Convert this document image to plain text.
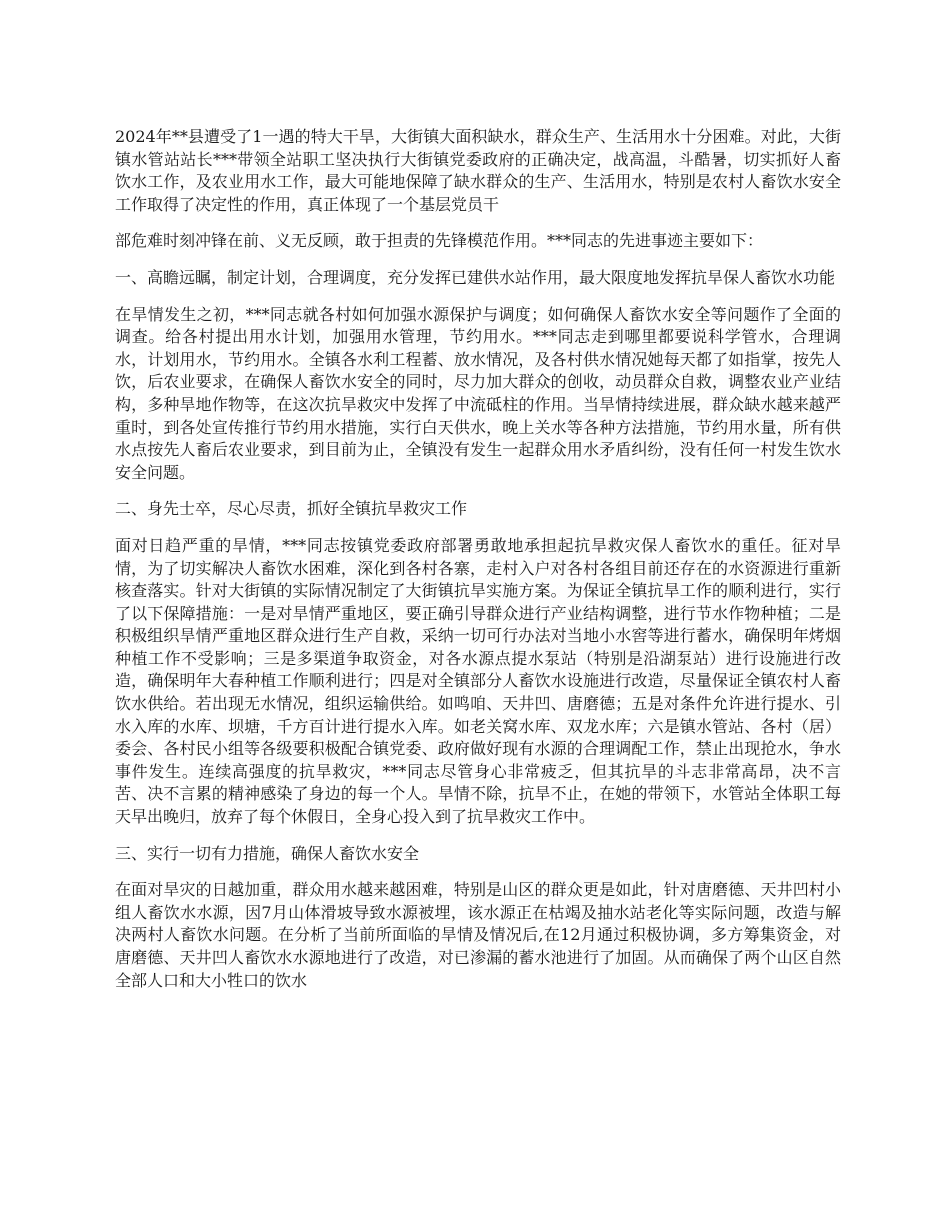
2024年**县遭受了1一遇的特大干旱，大街镇大面积缺水，群众生产、生活用水十分困难。对此，大街镇水管站站长***带领全站职工坚决执行大街镇党委政府的正确决定，战高温，斗酷暑，切实抓好人畜饮水工作，及农业用水工作，最大可能地保障了缺水群众的生产、生活用水，特别是农村人畜饮水安全工作取得了决定性的作用，真正体现了一个基层党员干

部危难时刻冲锋在前、义无反顾，敢于担责的先锋模范作用。***同志的先进事迹主要如下：

一、高瞻远瞩，制定计划，合理调度，充分发挥已建供水站作用，最大限度地发挥抗旱保人畜饮水功能

在旱情发生之初，***同志就各村如何加强水源保护与调度；如何确保人畜饮水安全等问题作了全面的调查。给各村提出用水计划，加强用水管理，节约用水。***同志走到哪里都要说科学管水，合理调水，计划用水，节约用水。全镇各水利工程蓄、放水情况，及各村供水情况她每天都了如指掌，按先人饮，后农业要求，在确保人畜饮水安全的同时，尽力加大群众的创收，动员群众自救，调整农业产业结构，多种旱地作物等，在这次抗旱救灾中发挥了中流砥柱的作用。当旱情持续进展，群众缺水越来越严重时，到各处宣传推行节约用水措施，实行白天供水，晚上关水等各种方法措施，节约用水量，所有供水点按先人畜后农业要求，到目前为止，全镇没有发生一起群众用水矛盾纠纷，没有任何一村发生饮水安全问题。

二、身先士卒，尽心尽责，抓好全镇抗旱救灾工作

面对日趋严重的旱情，***同志按镇党委政府部署勇敢地承担起抗旱救灾保人畜饮水的重任。征对旱情，为了切实解决人畜饮水困难，深化到各村各寨，走村入户对各村各组目前还存在的水资源进行重新核查落实。针对大街镇的实际情况制定了大街镇抗旱实施方案。为保证全镇抗旱工作的顺利进行，实行了以下保障措施：一是对旱情严重地区，要正确引导群众进行产业结构调整，进行节水作物种植；二是积极组织旱情严重地区群众进行生产自救，采纳一切可行办法对当地小水窖等进行蓄水，确保明年烤烟种植工作不受影响；三是多渠道争取资金，对各水源点提水泵站（特别是沿湖泵站）进行设施进行改造，确保明年大春种植工作顺利进行；四是对全镇部分人畜饮水设施进行改造，尽量保证全镇农村人畜饮水供给。若出现无水情况，组织运输供给。如鸣咱、天井凹、唐磨德；五是对条件允许进行提水、引水入库的水库、坝塘，千方百计进行提水入库。如老关窝水库、双龙水库；六是镇水管站、各村（居）委会、各村民小组等各级要积极配合镇党委、政府做好现有水源的合理调配工作，禁止出现抢水，争水事件发生。连续高强度的抗旱救灾，***同志尽管身心非常疲乏，但其抗旱的斗志非常高昂，决不言苦、决不言累的精神感染了身边的每一个人。旱情不除，抗旱不止，在她的带领下，水管站全体职工每天早出晚归，放弃了每个休假日，全身心投入到了抗旱救灾工作中。

三、实行一切有力措施，确保人畜饮水安全

在面对旱灾的日越加重，群众用水越来越困难，特别是山区的群众更是如此，针对唐磨德、天井凹村小组人畜饮水水源，因7月山体滑坡导致水源被埋，该水源正在枯竭及抽水站老化等实际问题，改造与解决两村人畜饮水问题。在分析了当前所面临的旱情及情况后,在12月通过积极协调，多方筹集资金，对唐磨德、天井凹人畜饮水水源地进行了改造，对已渗漏的蓄水池进行了加固。从而确保了两个山区自然全部人口和大小牲口的饮水
